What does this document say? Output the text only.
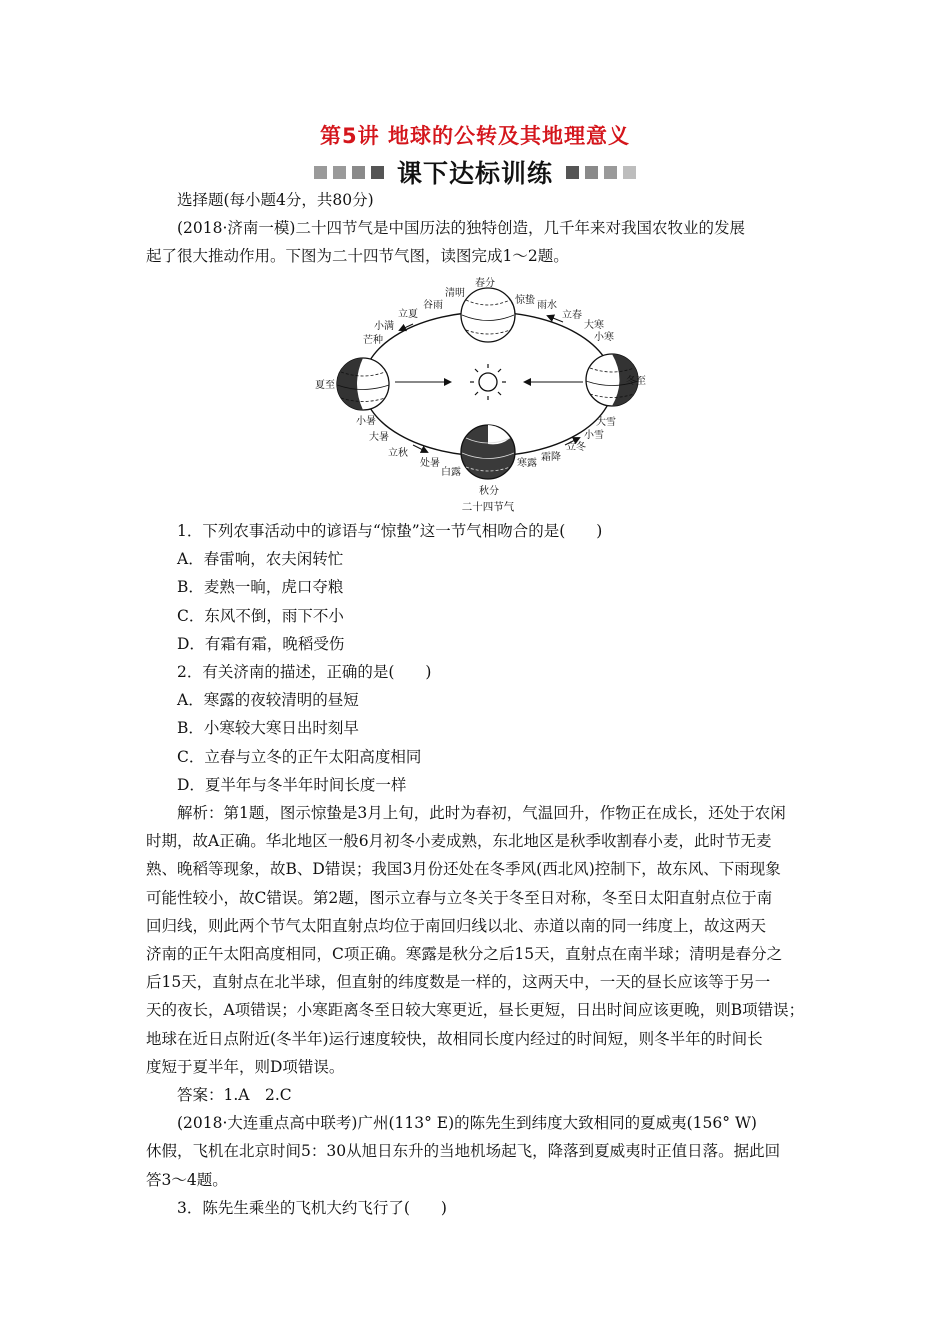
第5讲 地球的公转及其地理意义
课下达标训练

选择题(每小题4分，共80分)

(2018·济南一模)二十四节气是中国历法的独特创造，几千年来对我国农牧业的发展

起了很大推动作用。下图为二十四节气图，读图完成1～2题。

春分
清明
谷雨
立夏
小满
芒种
夏至
小暑
大暑
立秋
处暑
白露
秋分
寒露
霜降
立冬
小雪
大雪
冬至
小寒
大寒
立春
雨水
惊蛰
二十四节气

1．下列农事活动中的谚语与“惊蛰”这一节气相吻合的是(　　)

A．春雷响，农夫闲转忙

B．麦熟一晌，虎口夺粮

C．东风不倒，雨下不小

D．有霜有霜，晚稻受伤

2．有关济南的描述，正确的是(　　)

A．寒露的夜较清明的昼短

B．小寒较大寒日出时刻早

C．立春与立冬的正午太阳高度相同

D．夏半年与冬半年时间长度一样

解析：第1题，图示惊蛰是3月上旬，此时为春初，气温回升，作物正在成长，还处于农闲

时期，故A正确。华北地区一般6月初冬小麦成熟，东北地区是秋季收割春小麦，此时节无麦

熟、晚稻等现象，故B、D错误；我国3月份还处在冬季风(西北风)控制下，故东风、下雨现象

可能性较小，故C错误。第2题，图示立春与立冬关于冬至日对称，冬至日太阳直射点位于南

回归线，则此两个节气太阳直射点均位于南回归线以北、赤道以南的同一纬度上，故这两天

济南的正午太阳高度相同，C项正确。寒露是秋分之后15天，直射点在南半球；清明是春分之

后15天，直射点在北半球，但直射的纬度数是一样的，这两天中，一天的昼长应该等于另一

天的夜长，A项错误；小寒距离冬至日较大寒更近，昼长更短，日出时间应该更晚，则B项错误；

地球在近日点附近(冬半年)运行速度较快，故相同长度内经过的时间短，则冬半年的时间长

度短于夏半年，则D项错误。

答案：1.A　2.C

(2018·大连重点高中联考)广州(113° E)的陈先生到纬度大致相同的夏威夷(156° W)

休假，飞机在北京时间5：30从旭日东升的当地机场起飞，降落到夏威夷时正值日落。据此回

答3～4题。

3．陈先生乘坐的飞机大约飞行了(　　)
